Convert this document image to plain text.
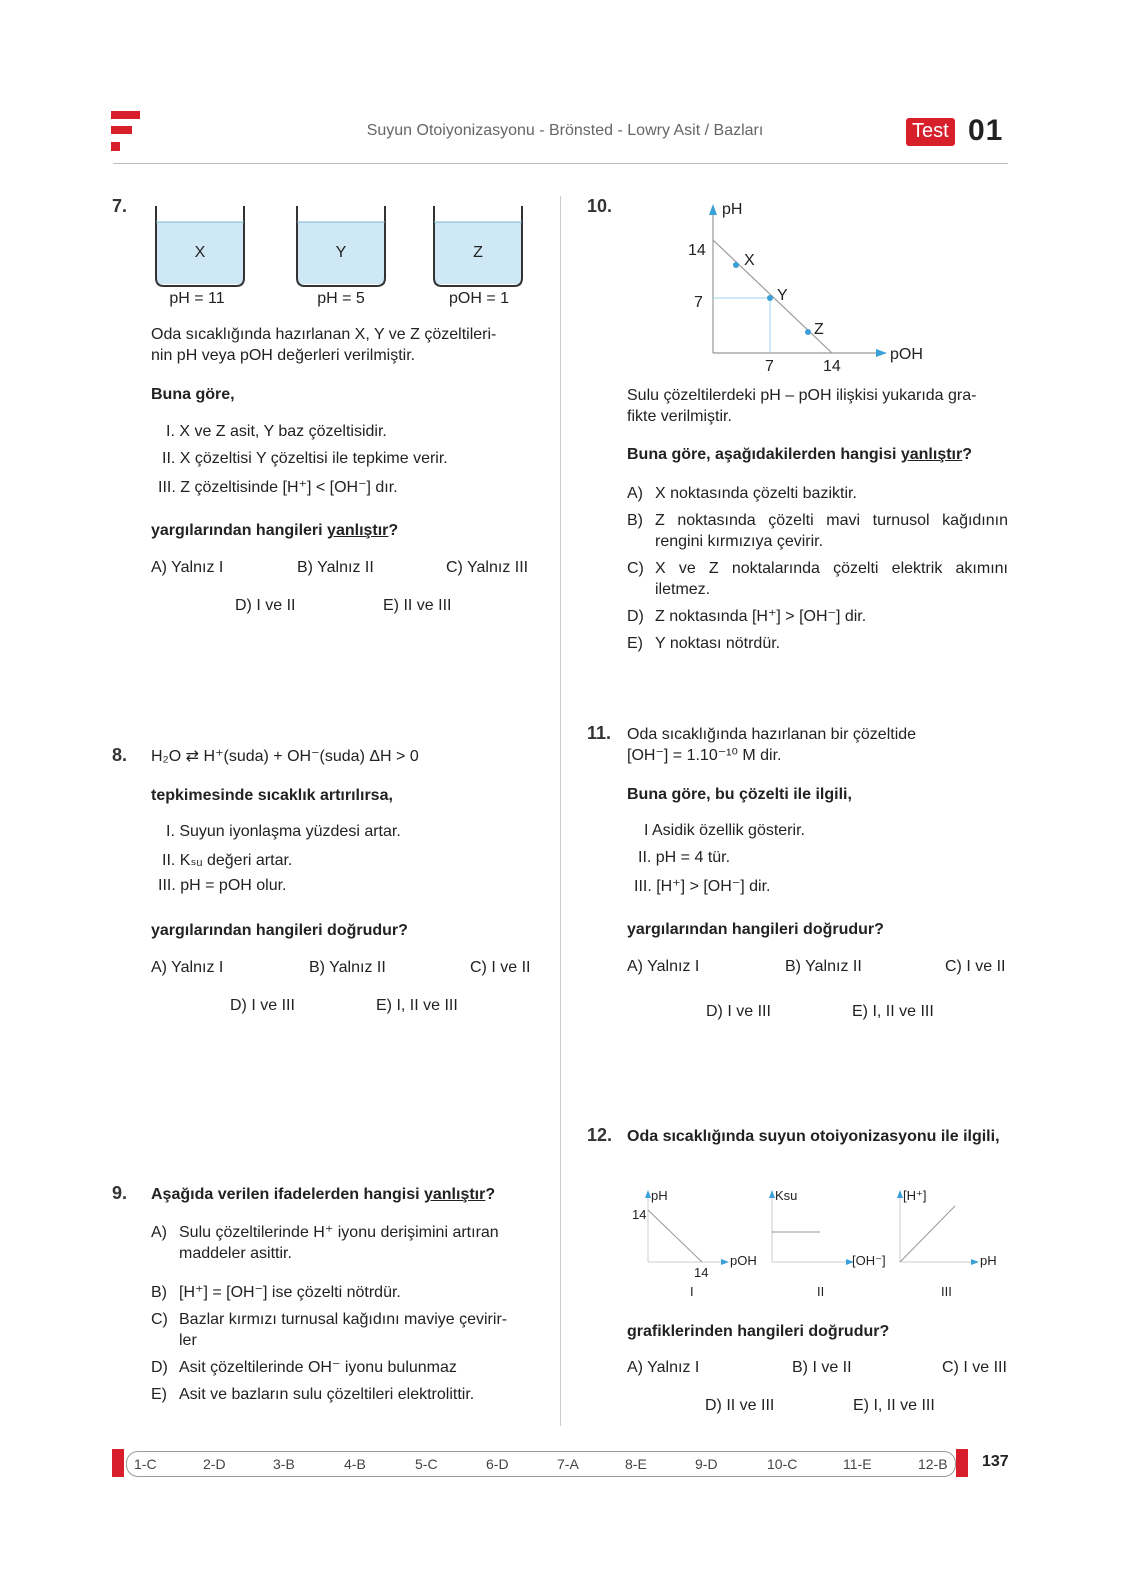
Suyun Otoiyonizasyonu - Brönsted - Lowry Asit / Bazları	Test 01
7.
X	Y	Z
pH = 11	pH = 5	pOH = 1
Oda sıcaklığında hazırlanan X, Y ve Z çözeltileri-
nin pH veya pOH değerleri verilmiştir.
Buna göre,
I. X ve Z asit, Y baz çözeltisidir.
II. X çözeltisi Y çözeltisi ile tepkime verir.
III. Z çözeltisinde [H⁺] < [OH⁻] dır.
yargılarından hangileri yanlıştır?
A) Yalnız I	B) Yalnız II	C) Yalnız III
D) I ve II	E) II ve III
8. H₂O ⇄ H⁺(suda) + OH⁻(suda) ΔH > 0
tepkimesinde sıcaklık artırılırsa,
I. Suyun iyonlaşma yüzdesi artar.
II. Kₛᵤ değeri artar.
III. pH = pOH olur.
yargılarından hangileri doğrudur?
A) Yalnız I	B) Yalnız II	C) I ve II
D) I ve III	E) I, II ve III
9. Aşağıda verilen ifadelerden hangisi yanlıştır?
A) Sulu çözeltilerinde H⁺ iyonu derişimini artıran
maddeler asittir.
B) [H⁺] = [OH⁻] ise çözelti nötrdür.
C) Bazlar kırmızı turnusal kağıdını maviye çevirir-
ler
D) Asit çözeltilerinde OH⁻ iyonu bulunmaz
E) Asit ve bazların sulu çözeltileri elektrolittir.
10.	pH
pOH
14
7
7	14
X
Y
Z
Sulu çözeltilerdeki pH – pOH ilişkisi yukarıda gra-
fikte verilmiştir.
Buna göre, aşağıdakilerden hangisi yanlıştır?
A) X noktasında çözelti baziktir.
B) Z noktasında çözelti mavi turnusol kağıdının
rengini kırmızıya çevirir.
C) X ve Z noktalarında çözelti elektrik akımını
iletmez.
D) Z noktasında [H⁺] > [OH⁻] dir.
E) Y noktası nötrdür.
11. Oda sıcaklığında hazırlanan bir çözeltide
[OH⁻] = 1.10⁻¹⁰ M dir.
Buna göre, bu çözelti ile ilgili,
I Asidik özellik gösterir.
II. pH = 4 tür.
III. [H⁺] > [OH⁻] dir.
yargılarından hangileri doğrudur?
A) Yalnız I	B) Yalnız II	C) I ve II
D) I ve III	E) I, II ve III
12. Oda sıcaklığında suyun otoiyonizasyonu ile ilgili,
pH
14
14
pOH
I
Ksu
[OH⁻]
II
[H⁺]
pH
III
grafiklerinden hangileri doğrudur?
A) Yalnız I	B) I ve II	C) I ve III
D) II ve III	E) I, II ve III
1-C	2-D	3-B	4-B	5-C	6-D	7-A	8-E	9-D	10-C	11-E	12-B 137
